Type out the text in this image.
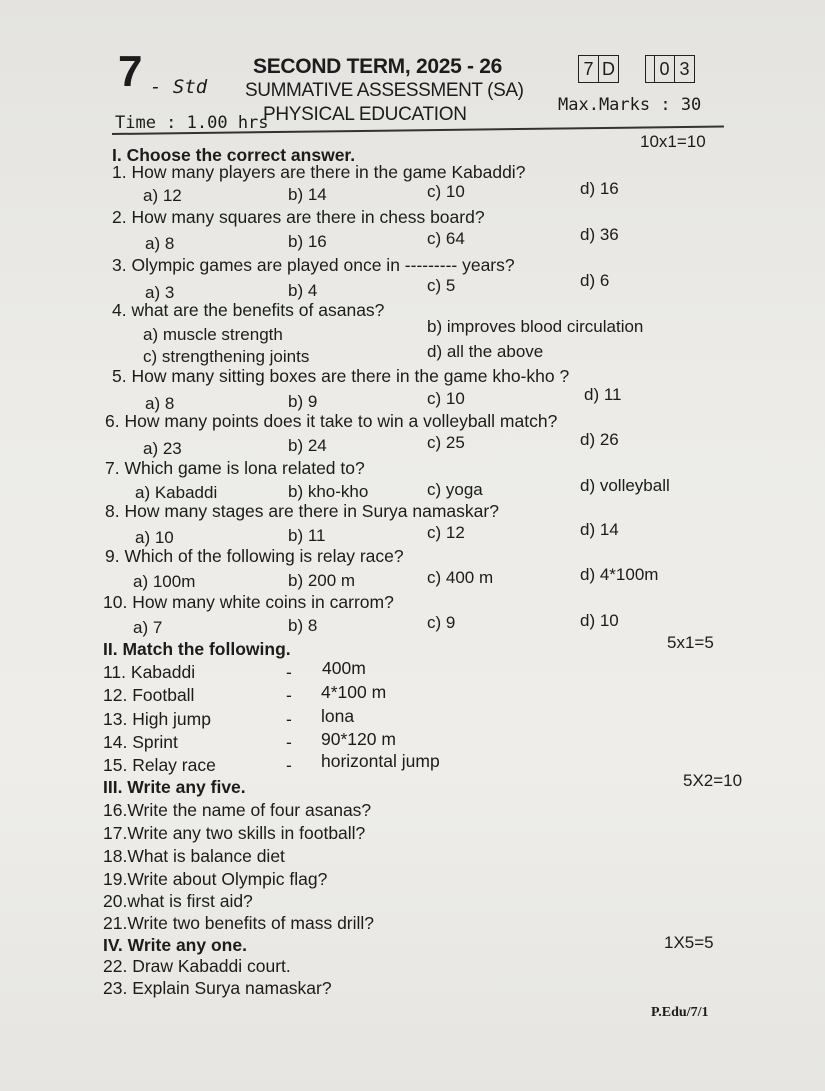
7 - Std
SECOND TERM, 2025 - 26
SUMMATIVE ASSESSMENT (SA)
7 D 0 3
Max.Marks : 30
Time : 1.00 hrs
PHYSICAL EDUCATION
I. Choose the correct answer.
10x1=10
1. How many players are there in the game Kabaddi?
a) 12	b) 14	c) 10	d) 16
2. How many squares are there in chess board?
a) 8	b) 16	c) 64	d) 36
3. Olympic games are played once in --------- years?
a) 3	b) 4	c) 5	d) 6
4. what are the benefits of asanas?
a) muscle strength	b) improves blood circulation
c) strengthening joints	d) all the above
5. How many sitting boxes are there in the game kho-kho ?
a) 8	b) 9	c) 10	d) 11
6. How many points does it take to win a volleyball match?
a) 23	b) 24	c) 25	d) 26
7. Which game is lona related to?
a) Kabaddi	b) kho-kho	c) yoga	d) volleyball
8. How many stages are there in Surya namaskar?
a) 10	b) 11	c) 12	d) 14
9. Which of the following is relay race?
a) 100m	b) 200 m	c) 400 m	d) 4*100m
10. How many white coins in carrom?
a) 7	b) 8	c) 9	d) 10
II. Match the following.	5x1=5
11. Kabaddi	- 400m
12. Football	- 4*100 m
13. High jump	- lona
14. Sprint	- 90*120 m
15. Relay race	- horizontal jump
III. Write any five.	5X2=10
16.Write the name of four asanas?
17.Write any two skills in football?
18.What is balance diet
19.Write about Olympic flag?
20.what is first aid?
21.Write two benefits of mass drill?
IV. Write any one.	1X5=5
22. Draw Kabaddi court.
23. Explain Surya namaskar?
P.Edu/7/1
